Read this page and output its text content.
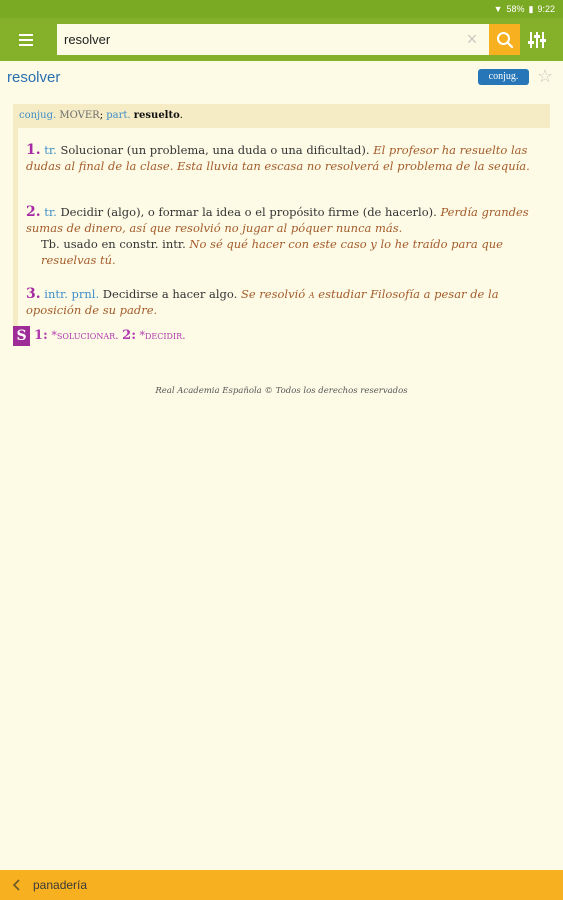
▼ 58% ▮ 9:22
resolver
×
resolver	conjug.	☆
conjug. MOVER; part. resuelto.
1. tr. Solucionar (un problema, una duda o una dificultad). El profesor ha resuelto las dudas al final de la clase. Esta lluvia tan escasa no resolverá el problema de la sequía.
2. tr. Decidir (algo), o formar la idea o el propósito firme (de hacerlo). Perdía grandes sumas de dinero, así que resolvió no jugar al póquer nunca más.
Tb. usado en constr. intr. No sé qué hacer con este caso y lo he traído para que resuelvas tú.
3. intr. prnl. Decidirse a hacer algo. Se resolvió a estudiar Filosofía a pesar de la oposición de su padre.
S 1: *solucionar. 2: *decidir.
Real Academia Española © Todos los derechos reservados
panadería
